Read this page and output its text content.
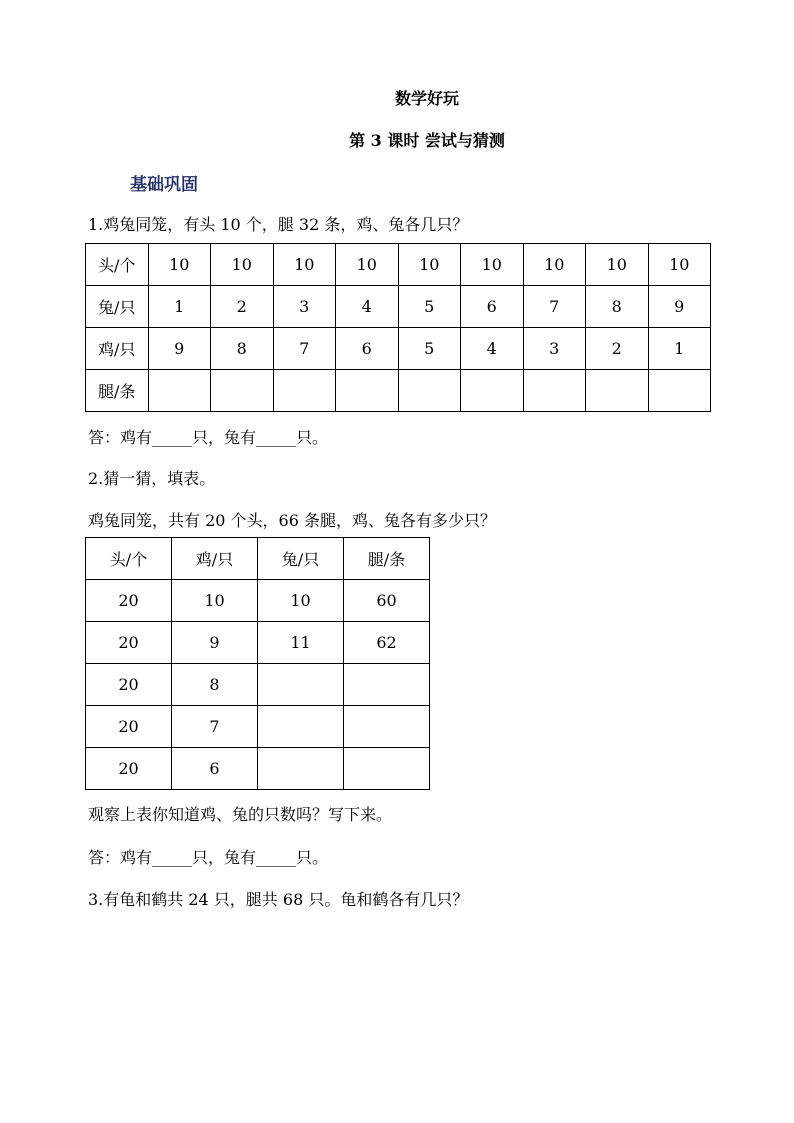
数学好玩
第 3 课时 尝试与猜测
基础巩固
1.鸡兔同笼，有头 10 个，腿 32 条，鸡、兔各几只？
头/个	10	10	10	10	10	10	10	10	10
兔/只	1	2	3	4	5	6	7	8	9
鸡/只	9	8	7	6	5	4	3	2	1
腿/条									
答：鸡有_____只，兔有_____只。
2.猜一猜，填表。
鸡兔同笼，共有 20 个头，66 条腿，鸡、兔各有多少只？
头/个	鸡/只	兔/只	腿/条
20	10	10	60
20	9	11	62
20	8		
20	7		
20	6		
观察上表你知道鸡、兔的只数吗？写下来。
答：鸡有_____只，兔有_____只。
3.有龟和鹤共 24 只，腿共 68 只。龟和鹤各有几只？
